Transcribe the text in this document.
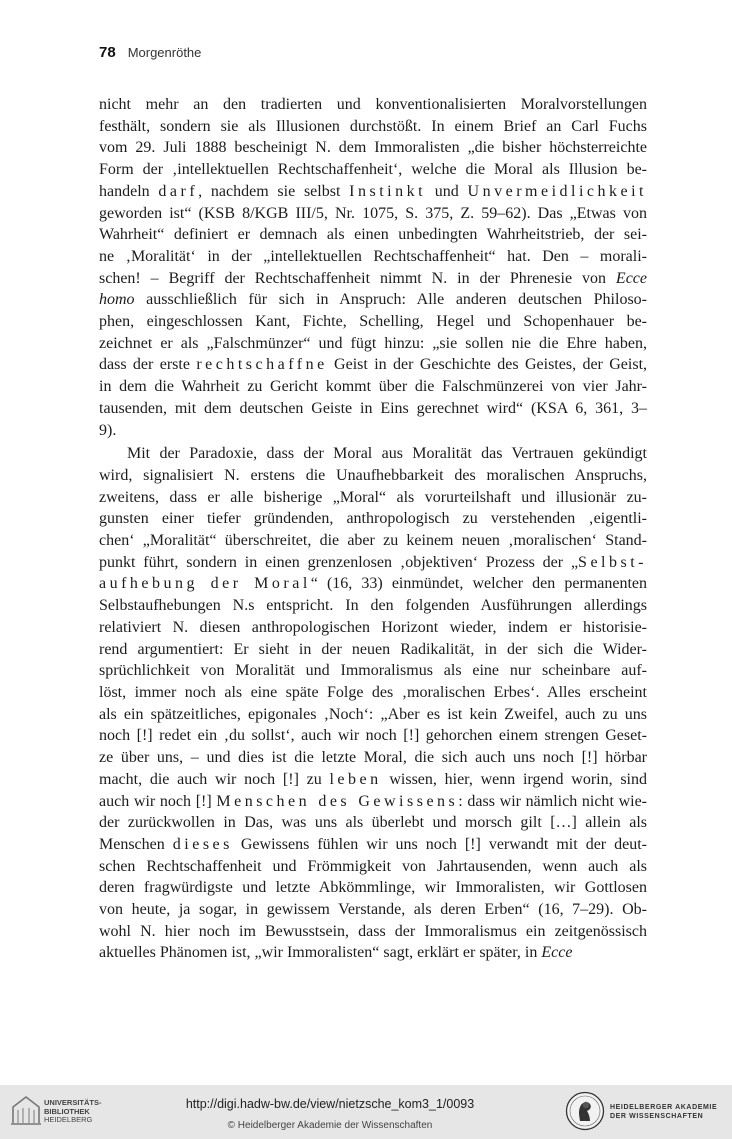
78 Morgenröthe

nicht mehr an den tradierten und konventionalisierten Moralvorstellungen
festhält, sondern sie als Illusionen durchstößt. In einem Brief an Carl Fuchs
vom 29. Juli 1888 bescheinigt N. dem Immoralisten „die bisher höchsterreichte
Form der ‚intellektuellen Rechtschaffenheit‘, welche die Moral als Illusion be-
handeln darf, nachdem sie selbst Instinkt und Unvermeidlichkeit
geworden ist“ (KSB 8/KGB III/5, Nr. 1075, S. 375, Z. 59–62). Das „Etwas von
Wahrheit“ definiert er demnach als einen unbedingten Wahrheitstrieb, der sei-
ne ‚Moralität‘ in der „intellektuellen Rechtschaffenheit“ hat. Den – morali-
schen! – Begriff der Rechtschaffenheit nimmt N. in der Phrenesie von Ecce
homo ausschließlich für sich in Anspruch: Alle anderen deutschen Philoso-
phen, eingeschlossen Kant, Fichte, Schelling, Hegel und Schopenhauer be-
zeichnet er als „Falschmünzer“ und fügt hinzu: „sie sollen nie die Ehre haben,
dass der erste rechtschaffne Geist in der Geschichte des Geistes, der Geist,
in dem die Wahrheit zu Gericht kommt über die Falschmünzerei von vier Jahr-
tausenden, mit dem deutschen Geiste in Eins gerechnet wird“ (KSA 6, 361, 3–
9).

Mit der Paradoxie, dass der Moral aus Moralität das Vertrauen gekündigt
wird, signalisiert N. erstens die Unaufhebbarkeit des moralischen Anspruchs,
zweitens, dass er alle bisherige „Moral“ als vorurteilshaft und illusionär zu-
gunsten einer tiefer gründenden, anthropologisch zu verstehenden ‚eigentli-
chen‘ „Moralität“ überschreitet, die aber zu keinem neuen ‚moralischen‘ Stand-
punkt führt, sondern in einen grenzenlosen ‚objektiven‘ Prozess der „Selbst-
aufhebung der Moral“ (16, 33) einmündet, welcher den permanenten
Selbstaufhebungen N.s entspricht. In den folgenden Ausführungen allerdings
relativiert N. diesen anthropologischen Horizont wieder, indem er historisie-
rend argumentiert: Er sieht in der neuen Radikalität, in der sich die Wider-
sprüchlichkeit von Moralität und Immoralismus als eine nur scheinbare auf-
löst, immer noch als eine späte Folge des ‚moralischen Erbes‘. Alles erscheint
als ein spätzeitliches, epigonales ‚Noch‘: „Aber es ist kein Zweifel, auch zu uns
noch [!] redet ein ‚du sollst‘, auch wir noch [!] gehorchen einem strengen Geset-
ze über uns, – und dies ist die letzte Moral, die sich auch uns noch [!] hörbar
macht, die auch wir noch [!] zu leben wissen, hier, wenn irgend worin, sind
auch wir noch [!] Menschen des Gewissens: dass wir nämlich nicht wie-
der zurückwollen in Das, was uns als überlebt und morsch gilt […] allein als
Menschen dieses Gewissens fühlen wir uns noch [!] verwandt mit der deut-
schen Rechtschaffenheit und Frömmigkeit von Jahrtausenden, wenn auch als
deren fragwürdigste und letzte Abkömmlinge, wir Immoralisten, wir Gottlosen
von heute, ja sogar, in gewissem Verstande, als deren Erben“ (16, 7–29). Ob-
wohl N. hier noch im Bewusstsein, dass der Immoralismus ein zeitgenössisch
aktuelles Phänomen ist, „wir Immoralisten“ sagt, erklärt er später, in Ecce

UNIVERSITÄTS-
BIBLIOTHEK
HEIDELBERG
http://digi.hadw-bw.de/view/nietzsche_kom3_1/0093
© Heidelberger Akademie der Wissenschaften
HEIDELBERGER AKADEMIE
DER WISSENSCHAFTEN
